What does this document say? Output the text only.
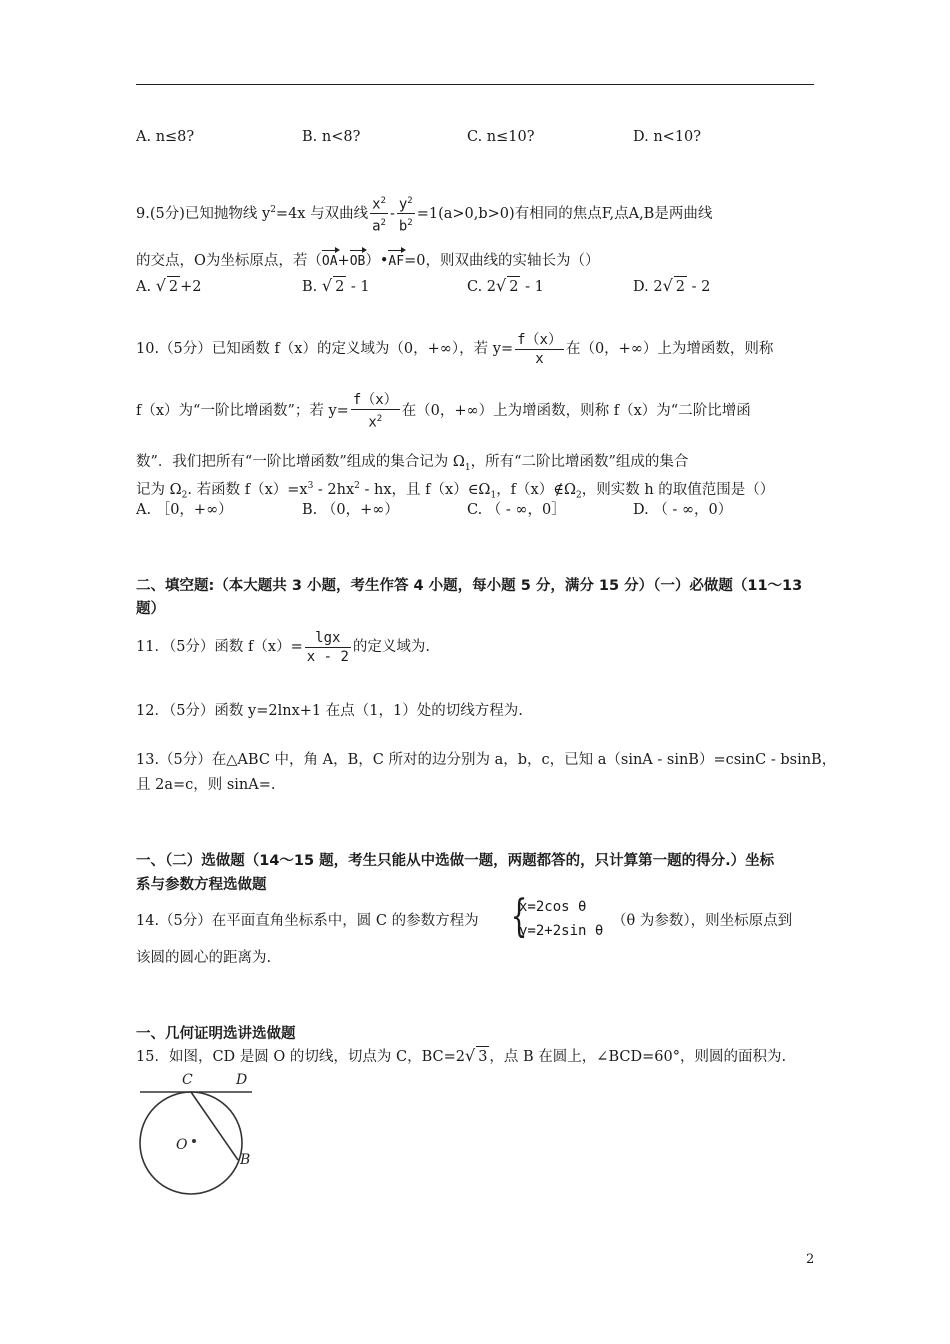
A. n≤8?	B. n<8?	C. n≤10?	D. n<10?
9.(5分)已知抛物线 $y^2=4x$ 与双曲线 $\frac{x^2}{a^2} - \frac{y^2}{b^2} =1(a>0,b>0)$有相同的焦点F,点A,B是两曲线
的交点，O为坐标原点，若（OA+OB）•AF=0，则双曲线的实轴长为（）
A. √ 2 +2	B. √ 2 - 1	C. 2√ 2 - 1	D. 2√ 2 - 2
10.（5分）已知函数 f（x）的定义域为（0，+∞），若 $y= \frac{f(x)}{x}$ 在（0，+∞）上为增函数，则称
f（x）为“一阶比增函数”；若 $y= \frac{f(x)}{x^2}$ 在（0，+∞）上为增函数，则称 f（x）为“二阶比增函
数”．我们把所有“一阶比增函数”组成的集合记为 $\Omega_1$，所有“二阶比增函数”组成的集合
记为 $\Omega_2$. 若函数 $f(x)=x^3 - 2hx^2$ - hx，且 $f(x)\in\Omega_1$，$f(x)\notin\Omega_2$，则实数 h 的取值范围是（）
A. ［0，+∞）	B. （0，+∞）	C. （ - ∞，0］	D. （ - ∞，0）
二、填空题:（本大题共 3 小题，考生作答 4 小题，每小题 5 分，满分 15 分）（一）必做题（11～13
题）
11．（5分）函数 $f(x)= \frac{\lg x}{x - 2}$ 的定义域为.
12．（5分）函数 y=2lnx+1 在点（1，1）处的切线方程为.
13.（5分）在△ABC 中，角 A，B，C 所对的边分别为 a，b，c，已知 a（sinA - sinB）=csinC - bsinB，
且 2a=c，则 sinA=.
一、（二）选做题（14～15 题，考生只能从中选做一题，两题都答的，只计算第一题的得分.）坐标
系与参数方程选做题
14.（5分）在平面直角坐标系中，圆 C 的参数方程为 {
x=2cos θ
y=2+2sin θ
（θ 为参数），则坐标原点到
该圆的圆心的距离为.
一、几何证明选讲选做题
15．如图，CD 是圆 O 的切线，切点为 C，BC=2√ 3 ，点 B 在圆上，∠BCD=60°，则圆的面积为.
C	D
O
B
2
